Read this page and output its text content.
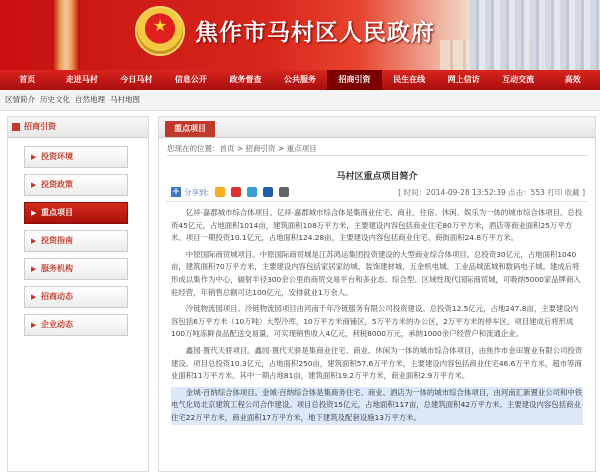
★	焦作市马村区人民政府
首页	走进马村	今日马村	信息公开	政务督查	公共服务	招商引资	民生在线	网上信访	互动交流	高效
区情简介 历史文化 自然地理 马村地图
招商引资
▶ 投资环境
▶ 投资政策
▶ 重点项目
▶ 投资指南
▶ 服务机构
▶ 招商动态
▶ 企业动态
重点项目
您现在的位置：首页 > 招商引资 > 重点项目
马村区重点项目简介
+ 分享到:	[ 时间：2014-09-28 13:52:39 点击：553 打印 收藏 ]

亿祥·嘉郡城市综合体项目。亿祥·嘉郡城市综合体是集商业住宅、商业、住宿、休闲、娱乐为一体的城市综合体项目。总投资45亿元，占地面积1014亩，建筑面积108万平方米，主要建设内容包括商业住宅80万平方米，酒店等商业面积25万平方米。项目一期投资10.1亿元，占地面积124.28亩，主要建设内容包括商业住宅、商街面积24.8万平方米。

中原国际商贸城项目。中原国际商贸城是江苏鸿运集团投资建设的大型商业综合体项目。总投资30亿元，占地面积1040亩，建筑面积70万平方米，主要建设内容包括家居家纺城、装饰建材城、五金机电城、工业品城流城和数码电子城。建成后将形成以集作为中心，辐射半径300余公里的商贸交易平台和多业态、综合型、区域性现代国际商贸城，可吸纳5000家品牌商入驻经营，年销售总额可达100亿元，安排就业1万余人。

冷链物流园项目。冷链物流园项目由河南千年冷链服务有限公司投资建设。总投资12.5亿元，占地247.8亩，主要建设内容包括6万平方米（10万吨）大型冷库，10万平方米商铺区，5万平方米的办公区，2万平方米的停车区。项目建成后将形成100万吨冻鲜食品配送交易量，可实现销售收入4亿元，利税8000万元，承纳1000余户经营户和流通企业。

鑫园·置代天骄项目。鑫园·置代天骄是集商业住宅、商业、休闲为一体的城市综合体项目，由焦作市金田置业有限公司投资建设。项目总投资10.3亿元，占地面积250亩，建筑面积57.6万平方米，主要建设内容包括商业住宅46.6万平方米，超市等商业面积11万平方米。其中一期占地81亩，建筑面积19.2万平方米，商业面积2.9万平方米。

金城·百纳综合体项目。金城·百纳综合体是集商务住宅、商业、酒店为一体的城市综合体项目，由河南汇新置业公司和中铁电气化局北京建筑工程公司合作建设。项目总投资15亿元，占地面积117亩，总建筑面积42万平方米。主要建设内容包括商业住宅22万平方米，商业面积17万平方米，地下建筑及配套设施13万平方米。
